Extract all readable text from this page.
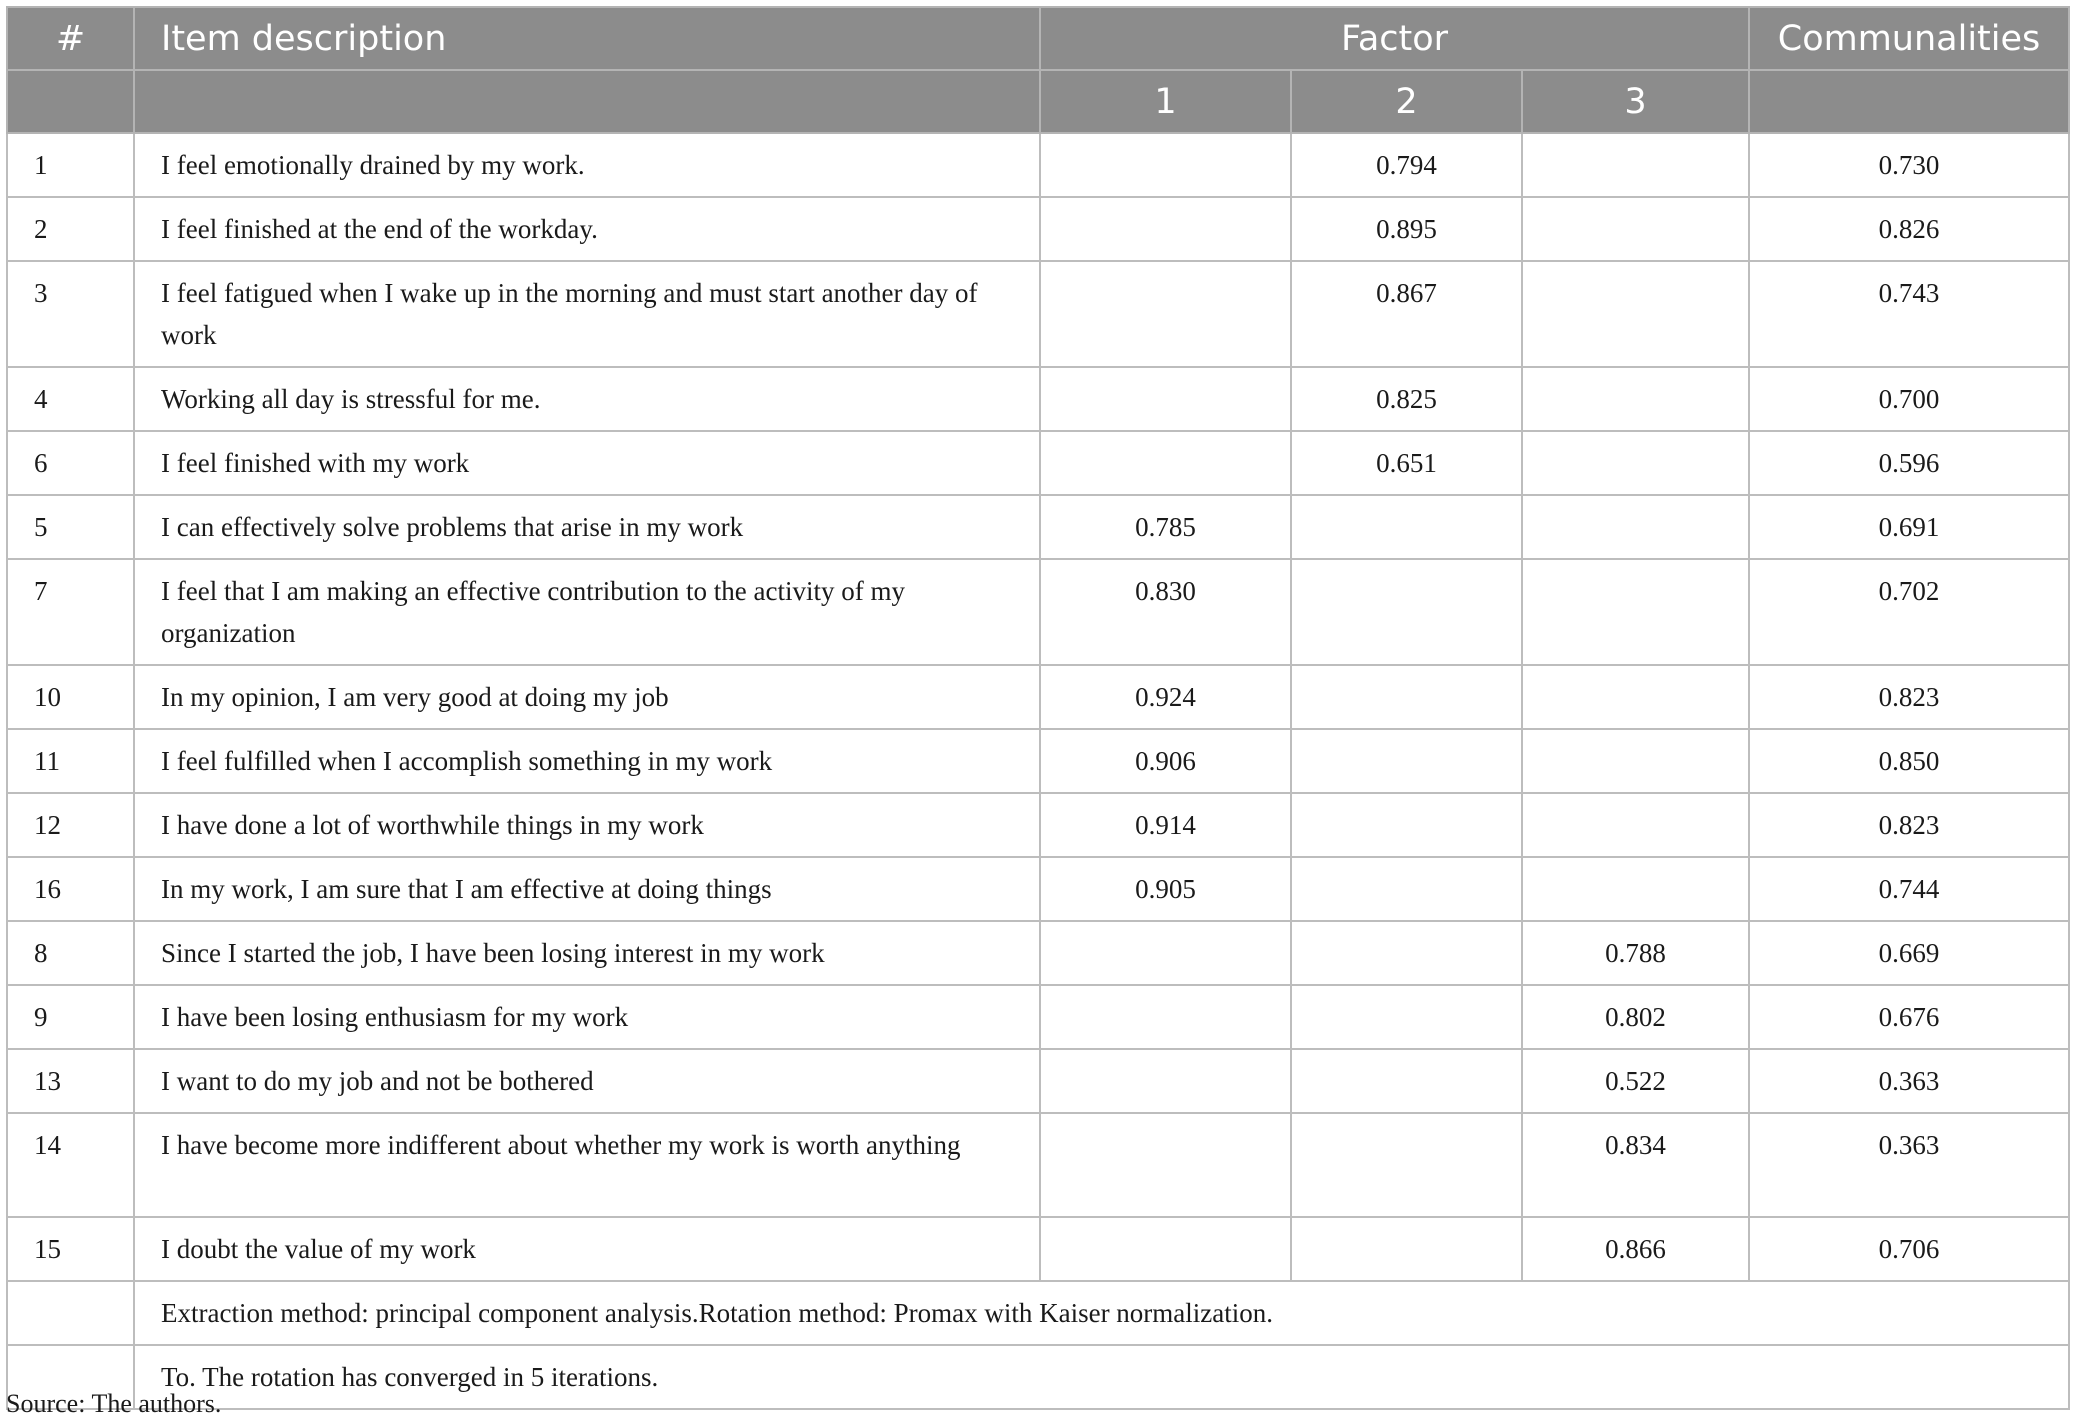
#	Item description	Factor			Communalities
		1	2	3	
1	I feel emotionally drained by my work.		0.794		0.730
2	I feel finished at the end of the workday.		0.895		0.826
3	I feel fatigued when I wake up in the morning and must start another day of work		0.867		0.743
4	Working all day is stressful for me.		0.825		0.700
6	I feel finished with my work		0.651		0.596
5	I can effectively solve problems that arise in my work	0.785			0.691
7	I feel that I am making an effective contribution to the activity of my organization	0.830			0.702
10	In my opinion, I am very good at doing my job	0.924			0.823
11	I feel fulfilled when I accomplish something in my work	0.906			0.850
12	I have done a lot of worthwhile things in my work	0.914			0.823
16	In my work, I am sure that I am effective at doing things	0.905			0.744
8	Since I started the job, I have been losing interest in my work			0.788	0.669
9	I have been losing enthusiasm for my work			0.802	0.676
13	I want to do my job and not be bothered			0.522	0.363
14	I have become more indifferent about whether my work is worth anything			0.834	0.363
15	I doubt the value of my work			0.866	0.706
	Extraction method: principal component analysis.Rotation method: Promax with Kaiser normalization.				
	To. The rotation has converged in 5 iterations.				
Source: The authors.
